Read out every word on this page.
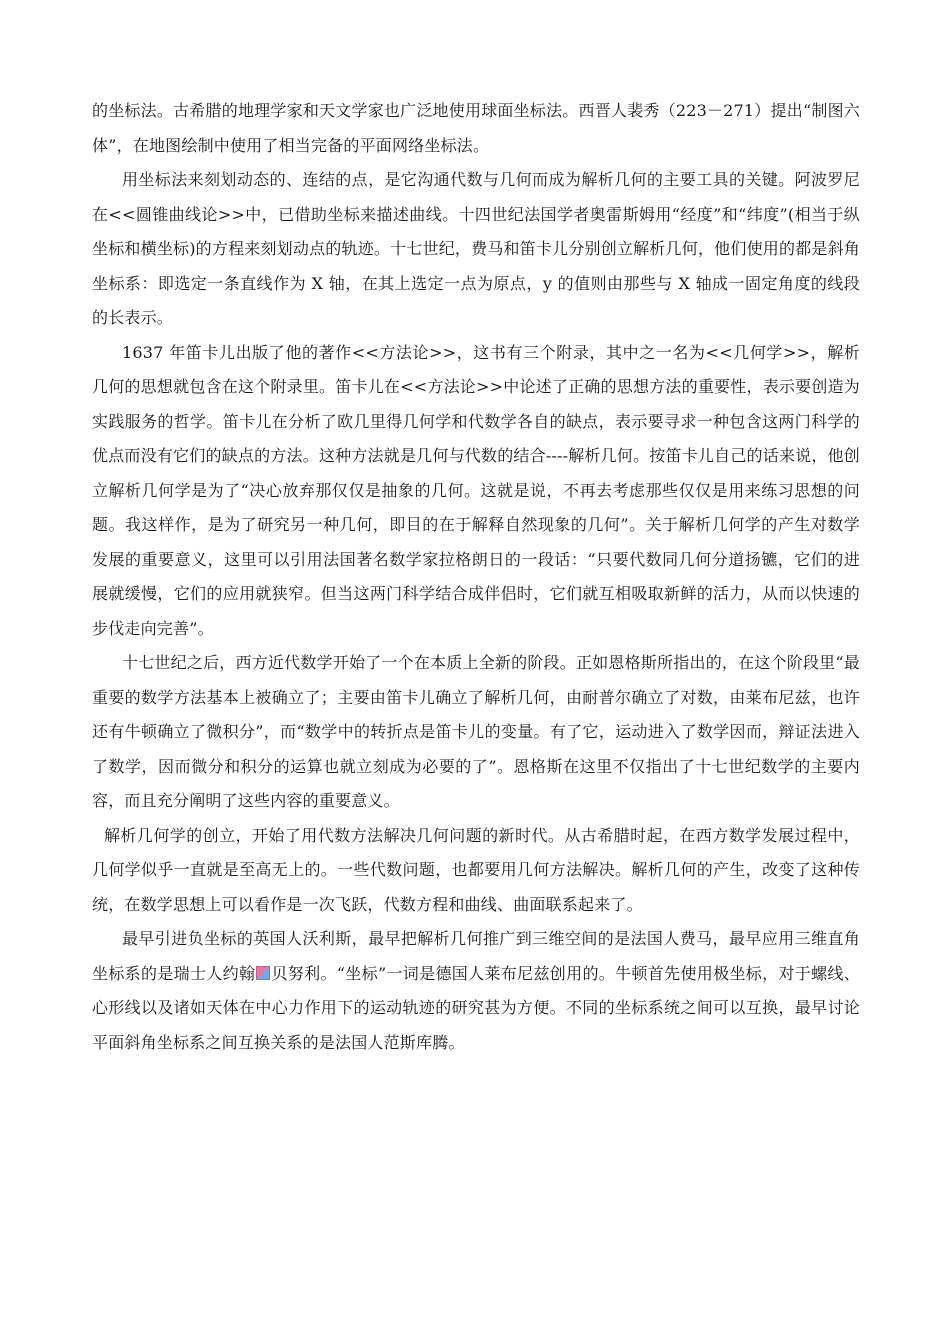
的坐标法。古希腊的地理学家和天文学家也广泛地使用球面坐标法。西晋人裴秀（223－271）提出“制图六体”，在地图绘制中使用了相当完备的平面网络坐标法。

用坐标法来刻划动态的、连结的点，是它沟通代数与几何而成为解析几何的主要工具的关键。阿波罗尼在<<圆锥曲线论>>中，已借助坐标来描述曲线。十四世纪法国学者奥雷斯姆用“经度”和“纬度”(相当于纵坐标和横坐标)的方程来刻划动点的轨迹。十七世纪，费马和笛卡儿分别创立解析几何，他们使用的都是斜角坐标系：即选定一条直线作为 X 轴，在其上选定一点为原点，y 的值则由那些与 X 轴成一固定角度的线段的长表示。

1637 年笛卡儿出版了他的著作<<方法论>>，这书有三个附录，其中之一名为<<几何学>>，解析几何的思想就包含在这个附录里。笛卡儿在<<方法论>>中论述了正确的思想方法的重要性，表示要创造为实践服务的哲学。笛卡儿在分析了欧几里得几何学和代数学各自的缺点，表示要寻求一种包含这两门科学的优点而没有它们的缺点的方法。这种方法就是几何与代数的结合----解析几何。按笛卡儿自己的话来说，他创立解析几何学是为了“决心放弃那仅仅是抽象的几何。这就是说，不再去考虑那些仅仅是用来练习思想的问题。我这样作，是为了研究另一种几何，即目的在于解释自然现象的几何”。关于解析几何学的产生对数学发展的重要意义，这里可以引用法国著名数学家拉格朗日的一段话：“只要代数同几何分道扬镳，它们的进展就缓慢，它们的应用就狭窄。但当这两门科学结合成伴侣时，它们就互相吸取新鲜的活力，从而以快速的步伐走向完善”。

十七世纪之后，西方近代数学开始了一个在本质上全新的阶段。正如恩格斯所指出的，在这个阶段里“最重要的数学方法基本上被确立了；主要由笛卡儿确立了解析几何，由耐普尔确立了对数，由莱布尼兹，也许还有牛顿确立了微积分”，而“数学中的转折点是笛卡儿的变量。有了它，运动进入了数学因而，辩证法进入了数学，因而微分和积分的运算也就立刻成为必要的了”。恩格斯在这里不仅指出了十七世纪数学的主要内容，而且充分阐明了这些内容的重要意义。

解析几何学的创立，开始了用代数方法解决几何问题的新时代。从古希腊时起，在西方数学发展过程中，几何学似乎一直就是至高无上的。一些代数问题，也都要用几何方法解决。解析几何的产生，改变了这种传统，在数学思想上可以看作是一次飞跃，代数方程和曲线、曲面联系起来了。

最早引进负坐标的英国人沃利斯，最早把解析几何推广到三维空间的是法国人费马，最早应用三维直角坐标系的是瑞士人约翰 贝努利。“坐标”一词是德国人莱布尼兹创用的。牛顿首先使用极坐标，对于螺线、心形线以及诸如天体在中心力作用下的运动轨迹的研究甚为方便。不同的坐标系统之间可以互换，最早讨论平面斜角坐标系之间互换关系的是法国人范斯库腾。
